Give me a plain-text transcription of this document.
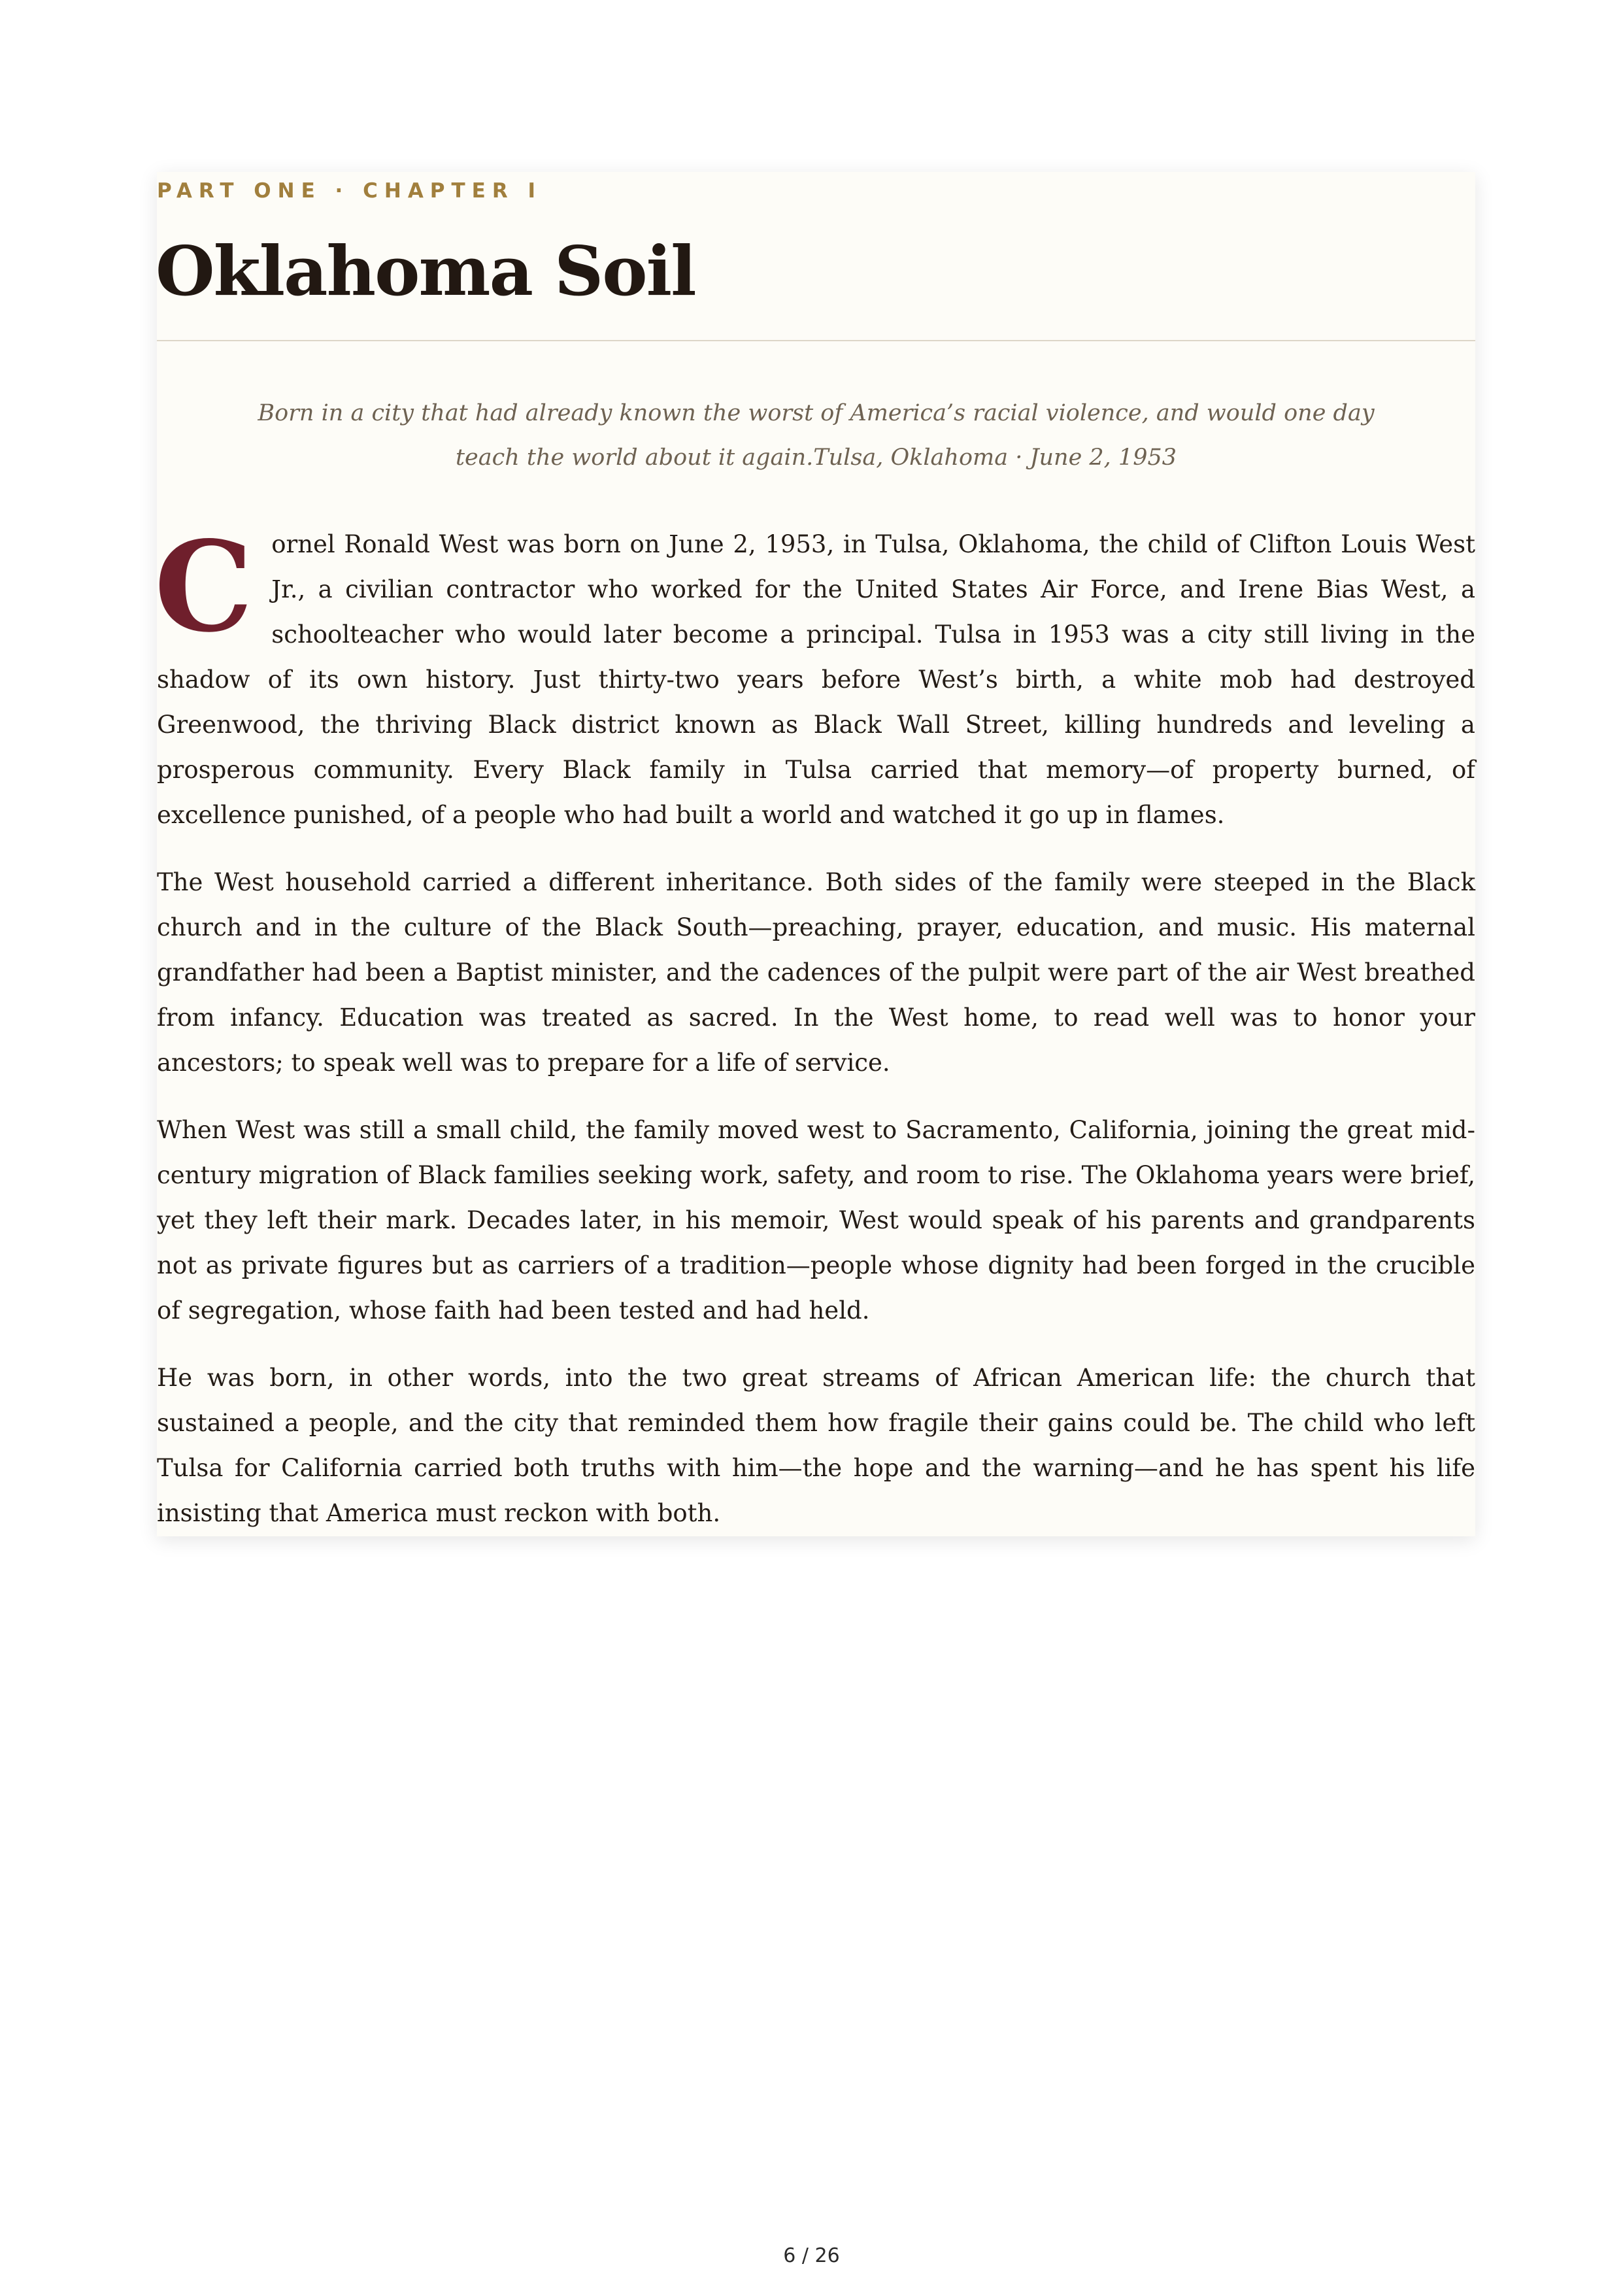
PART ONE · CHAPTER I
Oklahoma Soil

Born in a city that had already known the worst of America’s racial violence, and would one day teach the world about it again.Tulsa, Oklahoma · June 2, 1953

Cornel Ronald West was born on June 2, 1953, in Tulsa, Oklahoma, the child of Clifton Louis West Jr., a civilian contractor who worked for the United States Air Force, and Irene Bias West, a schoolteacher who would later become a principal. Tulsa in 1953 was a city still living in the shadow of its own history. Just thirty-two years before West’s birth, a white mob had destroyed Greenwood, the thriving Black district known as Black Wall Street, killing hundreds and leveling a prosperous community. Every Black family in Tulsa carried that memory—of property burned, of excellence punished, of a people who had built a world and watched it go up in flames.

The West household carried a different inheritance. Both sides of the family were steeped in the Black church and in the culture of the Black South—preaching, prayer, education, and music. His maternal grandfather had been a Baptist minister, and the cadences of the pulpit were part of the air West breathed from infancy. Education was treated as sacred. In the West home, to read well was to honor your ancestors; to speak well was to prepare for a life of service.

When West was still a small child, the family moved west to Sacramento, California, joining the great mid-century migration of Black families seeking work, safety, and room to rise. The Oklahoma years were brief, yet they left their mark. Decades later, in his memoir, West would speak of his parents and grandparents not as private figures but as carriers of a tradition—people whose dignity had been forged in the crucible of segregation, whose faith had been tested and had held.

He was born, in other words, into the two great streams of African American life: the church that sustained a people, and the city that reminded them how fragile their gains could be. The child who left Tulsa for California carried both truths with him—the hope and the warning—and he has spent his life insisting that America must reckon with both.

6 / 26
